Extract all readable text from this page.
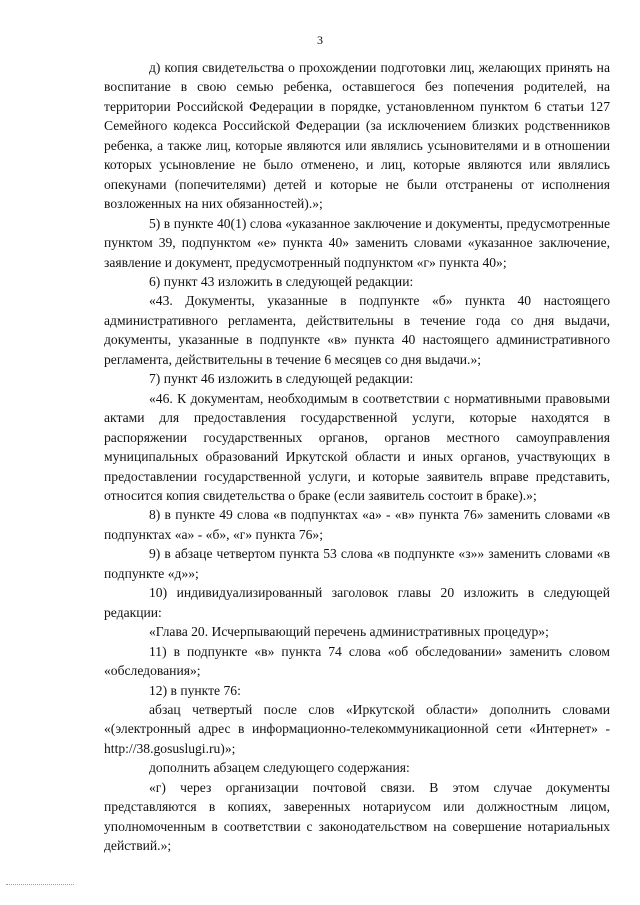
3

д) копия свидетельства о прохождении подготовки лиц, желающих принять на воспитание в свою семью ребенка, оставшегося без попечения родителей, на территории Российской Федерации в порядке, установленном пунктом 6 статьи 127 Семейного кодекса Российской Федерации (за исключением близких родственников ребенка, а также лиц, которые являются или являлись усыновителями и в отношении которых усыновление не было отменено, и лиц, которые являются или являлись опекунами (попечителями) детей и которые не были отстранены от исполнения возложенных на них обязанностей).»;

5) в пункте 40(1) слова «указанное заключение и документы, предусмотренные пунктом 39, подпунктом «е» пункта 40» заменить словами «указанное заключение, заявление и документ, предусмотренный подпунктом «г» пункта 40»;

6) пункт 43 изложить в следующей редакции:

«43. Документы, указанные в подпункте «б» пункта 40 настоящего административного регламента, действительны в течение года со дня выдачи, документы, указанные в подпункте «в» пункта 40 настоящего административного регламента, действительны в течение 6 месяцев со дня выдачи.»;

7) пункт 46 изложить в следующей редакции:

«46. К документам, необходимым в соответствии с нормативными правовыми актами для предоставления государственной услуги, которые находятся в распоряжении государственных органов, органов местного самоуправления муниципальных образований Иркутской области и иных органов, участвующих в предоставлении государственной услуги, и которые заявитель вправе представить, относится копия свидетельства о браке (если заявитель состоит в браке).»;

8) в пункте 49 слова «в подпунктах «а» - «в» пункта 76» заменить словами «в подпунктах «а» - «б», «г» пункта 76»;

9) в абзаце четвертом пункта 53 слова «в подпункте «з»» заменить словами «в подпункте «д»»;

10) индивидуализированный заголовок главы 20 изложить в следующей редакции:

«Глава 20. Исчерпывающий перечень административных процедур»;

11) в подпункте «в» пункта 74 слова «об обследовании» заменить словом «обследования»;

12) в пункте 76:

абзац четвертый после слов «Иркутской области» дополнить словами «(электронный адрес в информационно-телекоммуникационной сети «Интернет» - http://38.gosuslugi.ru)»;

дополнить абзацем следующего содержания:

«г) через организации почтовой связи. В этом случае документы представляются в копиях, заверенных нотариусом или должностным лицом, уполномоченным в соответствии с законодательством на совершение нотариальных действий.»;
